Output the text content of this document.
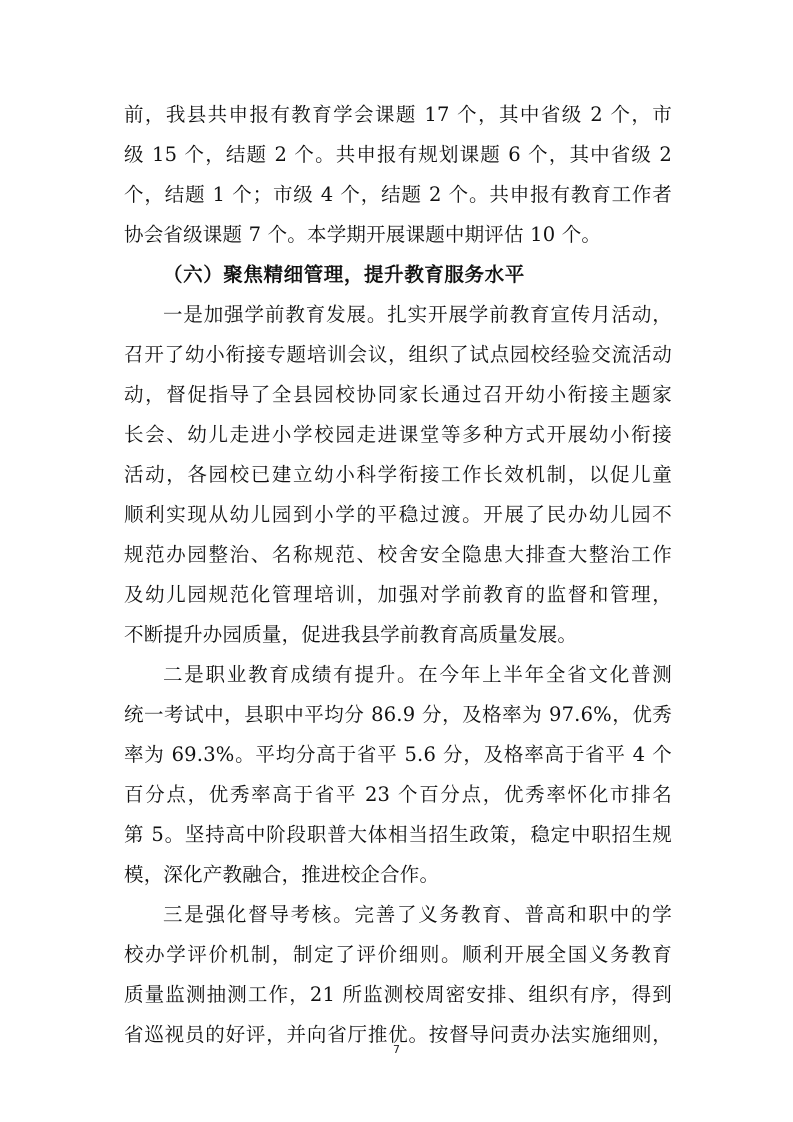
前，我县共申报有教育学会课题 17 个，其中省级 2 个，市
级 15 个，结题 2 个。共申报有规划课题 6 个，其中省级 2
个，结题 1 个；市级 4 个，结题 2 个。共申报有教育工作者
协会省级课题 7 个。本学期开展课题中期评估 10 个。
（六）聚焦精细管理，提升教育服务水平
一是加强学前教育发展。扎实开展学前教育宣传月活动，
召开了幼小衔接专题培训会议，组织了试点园校经验交流活动
动，督促指导了全县园校协同家长通过召开幼小衔接主题家
长会、幼儿走进小学校园走进课堂等多种方式开展幼小衔接
活动，各园校已建立幼小科学衔接工作长效机制，以促儿童
顺利实现从幼儿园到小学的平稳过渡。开展了民办幼儿园不
规范办园整治、名称规范、校舍安全隐患大排查大整治工作
及幼儿园规范化管理培训，加强对学前教育的监督和管理，
不断提升办园质量，促进我县学前教育高质量发展。
二是职业教育成绩有提升。在今年上半年全省文化普测
统一考试中，县职中平均分 86.9 分，及格率为 97.6%，优秀
率为 69.3%。平均分高于省平 5.6 分，及格率高于省平 4 个
百分点，优秀率高于省平 23 个百分点，优秀率怀化市排名
第 5。坚持高中阶段职普大体相当招生政策，稳定中职招生规
模，深化产教融合，推进校企合作。
三是强化督导考核。完善了义务教育、普高和职中的学
校办学评价机制，制定了评价细则。顺利开展全国义务教育
质量监测抽测工作，21 所监测校周密安排、组织有序，得到
省巡视员的好评，并向省厅推优。按督导问责办法实施细则，
7
